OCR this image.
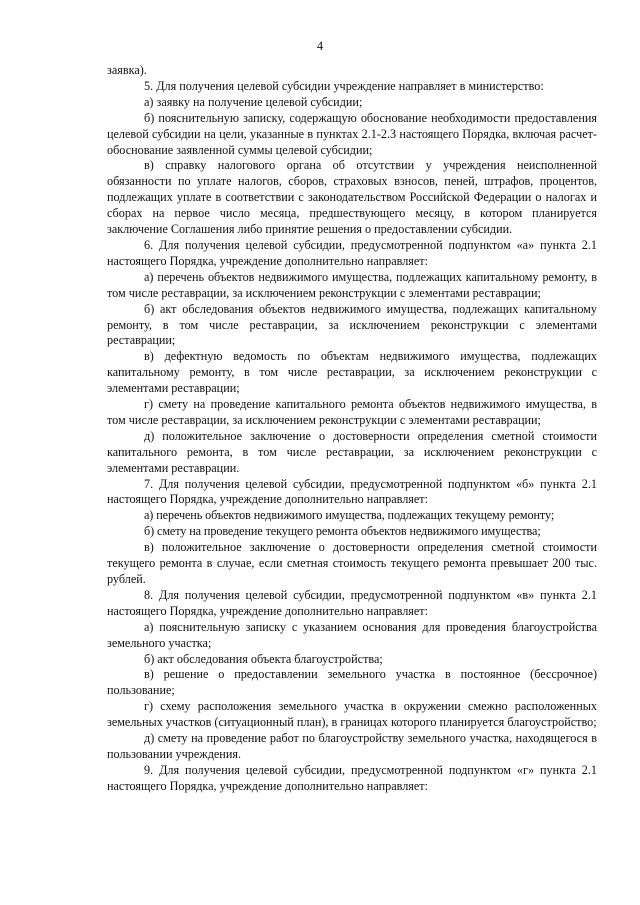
4

заявка).

5. Для получения целевой субсидии учреждение направляет в министерство:

а) заявку на получение целевой субсидии;

б) пояснительную записку, содержащую обоснование необходимости предоставления целевой субсидии на цели, указанные в пунктах 2.1-2.3 настоящего Порядка, включая расчет-обоснование заявленной суммы целевой субсидии;

в) справку налогового органа об отсутствии у учреждения неисполненной обязанности по уплате налогов, сборов, страховых взносов, пеней, штрафов, процентов, подлежащих уплате в соответствии с законодательством Российской Федерации о налогах и сборах на первое число месяца, предшествующего месяцу, в котором планируется заключение Соглашения либо принятие решения о предоставлении субсидии.

6. Для получения целевой субсидии, предусмотренной подпунктом «а» пункта 2.1 настоящего Порядка, учреждение дополнительно направляет:

а) перечень объектов недвижимого имущества, подлежащих капитальному ремонту, в том числе реставрации, за исключением реконструкции с элементами реставрации;

б) акт обследования объектов недвижимого имущества, подлежащих капитальному ремонту, в том числе реставрации, за исключением реконструкции с элементами реставрации;

в) дефектную ведомость по объектам недвижимого имущества, подлежащих капитальному ремонту, в том числе реставрации, за исключением реконструкции с элементами реставрации;

г) смету на проведение капитального ремонта объектов недвижимого имущества, в том числе реставрации, за исключением реконструкции с элементами реставрации;

д) положительное заключение о достоверности определения сметной стоимости капитального ремонта, в том числе реставрации, за исключением реконструкции с элементами реставрации.

7. Для получения целевой субсидии, предусмотренной подпунктом «б» пункта 2.1 настоящего Порядка, учреждение дополнительно направляет:

а) перечень объектов недвижимого имущества, подлежащих текущему ремонту;

б) смету на проведение текущего ремонта объектов недвижимого имущества;

в) положительное заключение о достоверности определения сметной стоимости текущего ремонта в случае, если сметная стоимость текущего ремонта превышает 200 тыс. рублей.

8. Для получения целевой субсидии, предусмотренной подпунктом «в» пункта 2.1 настоящего Порядка, учреждение дополнительно направляет:

а) пояснительную записку с указанием основания для проведения благоустройства земельного участка;

б) акт обследования объекта благоустройства;

в) решение о предоставлении земельного участка в постоянное (бессрочное) пользование;

г) схему расположения земельного участка в окружении смежно расположенных земельных участков (ситуационный план), в границах которого планируется благоустройство;

д) смету на проведение работ по благоустройству земельного участка, находящегося в пользовании учреждения.

9. Для получения целевой субсидии, предусмотренной подпунктом «г» пункта 2.1 настоящего Порядка, учреждение дополнительно направляет:
